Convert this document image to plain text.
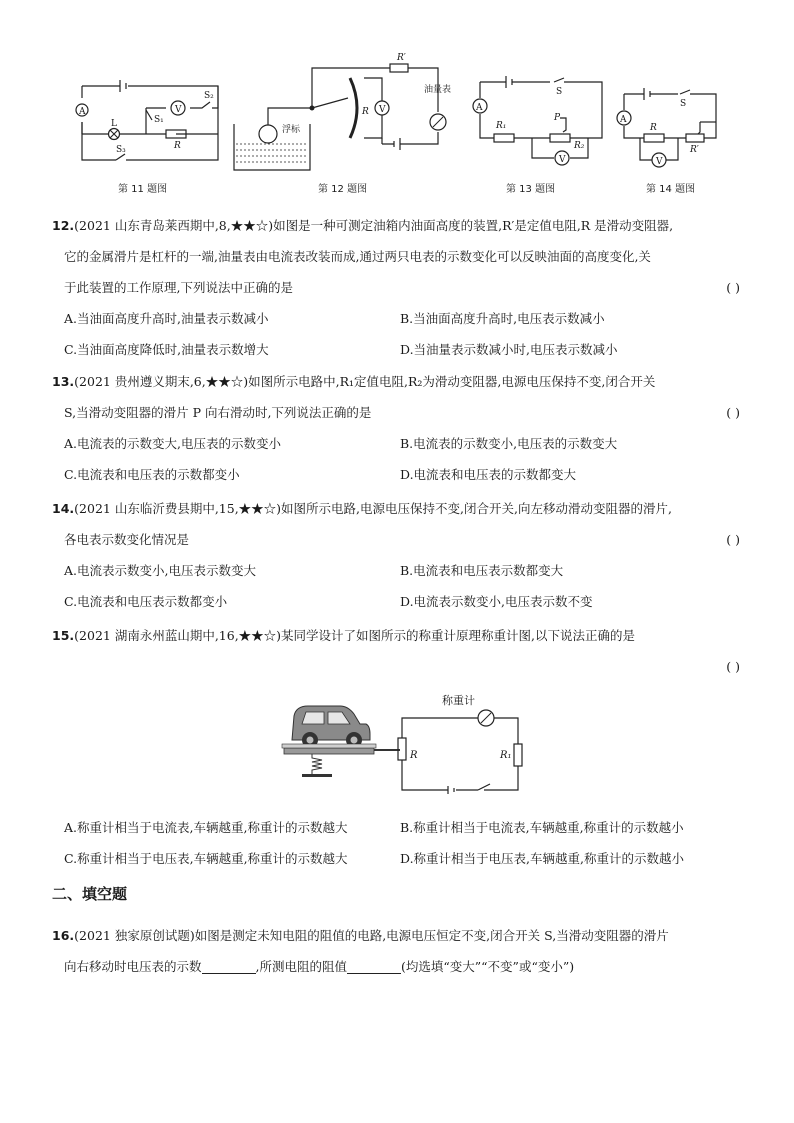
A
L
V
S₁
S₂
S₃	R
第 11 题图
R′
浮标
V
R
油量表
第 12 题图
A
S
R₁
P
R₂
V
第 13 题图
A
S
R
R′
V
第 14 题图
12.(2021 山东青岛莱西期中,8,★★☆)如图是一种可测定油箱内油面高度的装置,R′是定值电阻,R 是滑动变阻器,
它的金属滑片是杠杆的一端,油量表由电流表改装而成,通过两只电表的示数变化可以反映油面的高度变化,关
于此装置的工作原理,下列说法中正确的是	( )
A.当油面高度升高时,油量表示数减小	B.当油面高度升高时,电压表示数减小
C.当油面高度降低时,油量表示数增大	D.当油量表示数减小时,电压表示数减小
13.(2021 贵州遵义期末,6,★★☆)如图所示电路中,R₁定值电阻,R₂为滑动变阻器,电源电压保持不变,闭合开关
S,当滑动变阻器的滑片 P 向右滑动时,下列说法正确的是	( )
A.电流表的示数变大,电压表的示数变小	B.电流表的示数变小,电压表的示数变大
C.电流表和电压表的示数都变小	D.电流表和电压表的示数都变大
14.(2021 山东临沂费县期中,15,★★☆)如图所示电路,电源电压保持不变,闭合开关,向左移动滑动变阻器的滑片,
各电表示数变化情况是	( )
A.电流表示数变小,电压表示数变大	B.电流表和电压表示数都变大
C.电流表和电压表示数都变小	D.电流表示数变小,电压表示数不变
15.(2021 湖南永州蓝山期中,16,★★☆)某同学设计了如图所示的称重计原理称重计图,以下说法正确的是
( )
称重计
R	R₁
A.称重计相当于电流表,车辆越重,称重计的示数越大	B.称重计相当于电流表,车辆越重,称重计的示数越小
C.称重计相当于电压表,车辆越重,称重计的示数越大	D.称重计相当于电压表,车辆越重,称重计的示数越小
二、填空题
16.(2021 独家原创试题)如图是测定未知电阻的阻值的电路,电源电压恒定不变,闭合开关 S,当滑动变阻器的滑片
向右移动时电压表的示数	,所测电阻的阻值	(均选填“变大”“不变”或“变小”)
